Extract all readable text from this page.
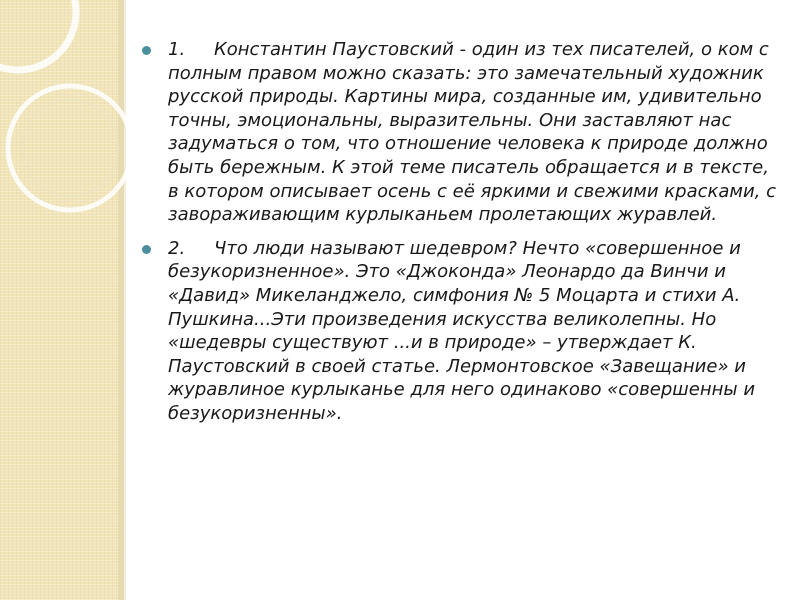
1. Константин Паустовский - один из тех писателей, о ком с полным правом можно сказать: это замечательный художник русской природы. Картины мира, созданные им, удивительно точны, эмоциональны, выразительны. Они заставляют нас задуматься о том, что отношение человека к природе должно быть бережным. К этой теме писатель обращается и в тексте, в котором описывает осень с её яркими и свежими красками, с завораживающим курлыканьем пролетающих журавлей.
2. Что люди называют шедевром? Нечто «совершенное и безукоризненное». Это «Джоконда» Леонардо да Винчи и «Давид» Микеланджело, симфония № 5 Моцарта и стихи А. Пушкина...Эти произведения искусства великолепны. Но «шедевры существуют ...и в природе» – утверждает К. Паустовский в своей статье. Лермонтовское «Завещание» и журавлиное курлыканье для него одинаково «совершенны и безукоризненны».
